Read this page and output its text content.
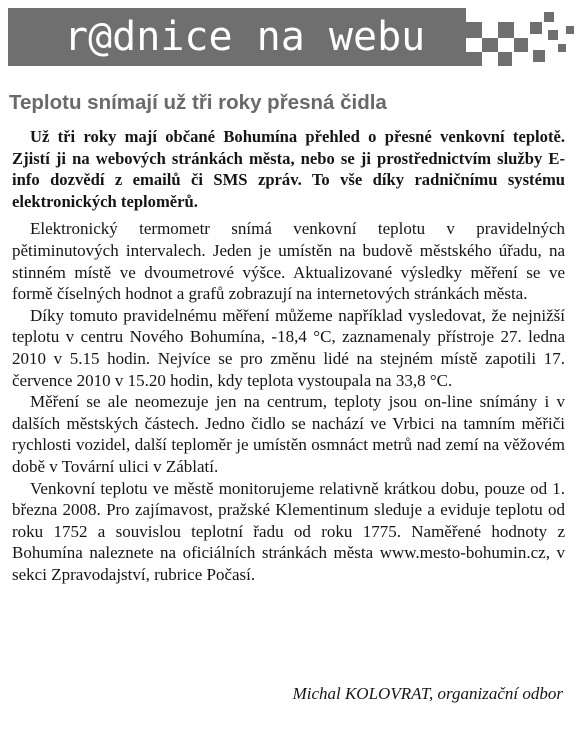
r@dnice na webu
Teplotu snímají už tři roky přesná čidla

Už tři roky mají občané Bohumína přehled o přesné venkovní teplotě. Zjistí ji na webových stránkách města, nebo se ji prostřednictvím služby E-info dozvědí z emailů či SMS zpráv. To vše díky radničnímu systému elektronických teploměrů.

Elektronický termometr snímá venkovní teplotu v pravidelných pětiminutových intervalech. Jeden je umístěn na budově městského úřadu, na stinném místě ve dvoumetrové výšce. Aktualizované výsledky měření se ve formě číselných hodnot a grafů zobrazují na internetových stránkách města.

Díky tomuto pravidelnému měření můžeme například vysledovat, že nejnižší teplotu v centru Nového Bohumína, -18,4 °C, zaznamenaly přístroje 27. ledna 2010 v 5.15 hodin. Nejvíce se pro změnu lidé na stejném místě zapotili 17. července 2010 v 15.20 hodin, kdy teplota vystoupala na 33,8 °C.

Měření se ale neomezuje jen na centrum, teploty jsou on-line snímány i v dalších městských částech. Jedno čidlo se nachází ve Vrbici na tamním měřiči rychlosti vozidel, další teploměr je umístěn osmnáct metrů nad zemí na věžovém době v Tovární ulici v Záblatí.

Venkovní teplotu ve městě monitorujeme relativně krátkou dobu, pouze od 1. března 2008. Pro zajímavost, pražské Klementinum sleduje a eviduje teplotu od roku 1752 a souvislou teplotní řadu od roku 1775. Naměřené hodnoty z Bohumína naleznete na oficiálních stránkách města www.mesto-bohumin.cz, v sekci Zpravodajství, rubrice Počasí.

Michal KOLOVRAT, organizační odbor
